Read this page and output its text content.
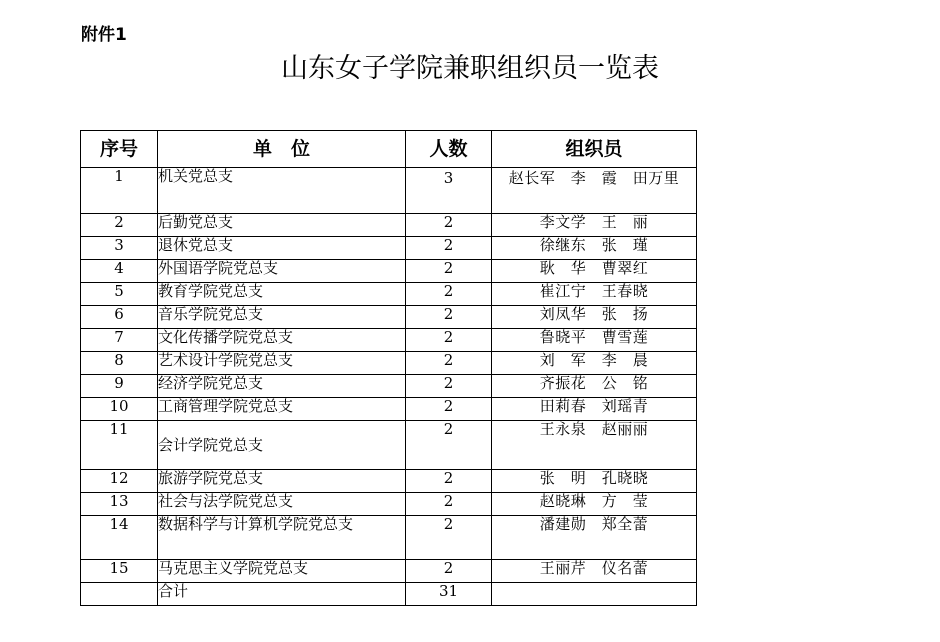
附件1
山东女子学院兼职组织员一览表
序号	单　位	人数	组织员
1	机关党总支	3	赵长军　李　霞　田万里
2	后勤党总支	2	李文学　王　丽
3	退休党总支	2	徐继东　张　瑾
4	外国语学院党总支	2	耿　华　曹翠红
5	教育学院党总支	2	崔江宁　王春晓
6	音乐学院党总支	2	刘凤华　张　扬
7	文化传播学院党总支	2	鲁晓平　曹雪莲
8	艺术设计学院党总支	2	刘　军　李　晨
9	经济学院党总支	2	齐振花　公　铭
10	工商管理学院党总支	2	田莉春　刘瑶青
11	会计学院党总支	2	王永泉　赵丽丽
12	旅游学院党总支	2	张　明　孔晓晓
13	社会与法学院党总支	2	赵晓琳　方　莹
14	数据科学与计算机学院党总支	2	潘建勋　郑全蕾
15	马克思主义学院党总支	2	王丽芹　仪名蕾
	合计	31	
